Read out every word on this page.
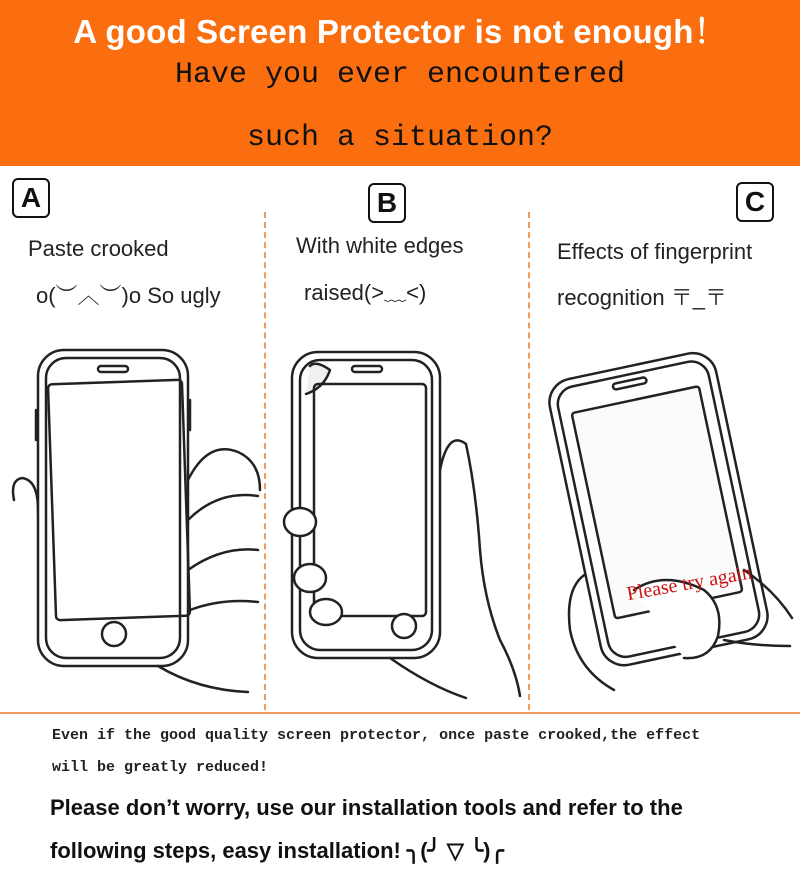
A good Screen Protector is not enough！
Have you ever encountered
such a situation?
A
Paste crooked
o(︶︿︶)o So ugly
B
With white edges
raised(>﹏<)
C
Effects of fingerprint
recognition 〒_〒
Please try again
Even if the good quality screen protector, once paste crooked,the effect
will be greatly reduced!
Please don’t worry, use our installation tools and refer to the
following steps, easy installation! ╮(╯ ▽ ╰)╭
